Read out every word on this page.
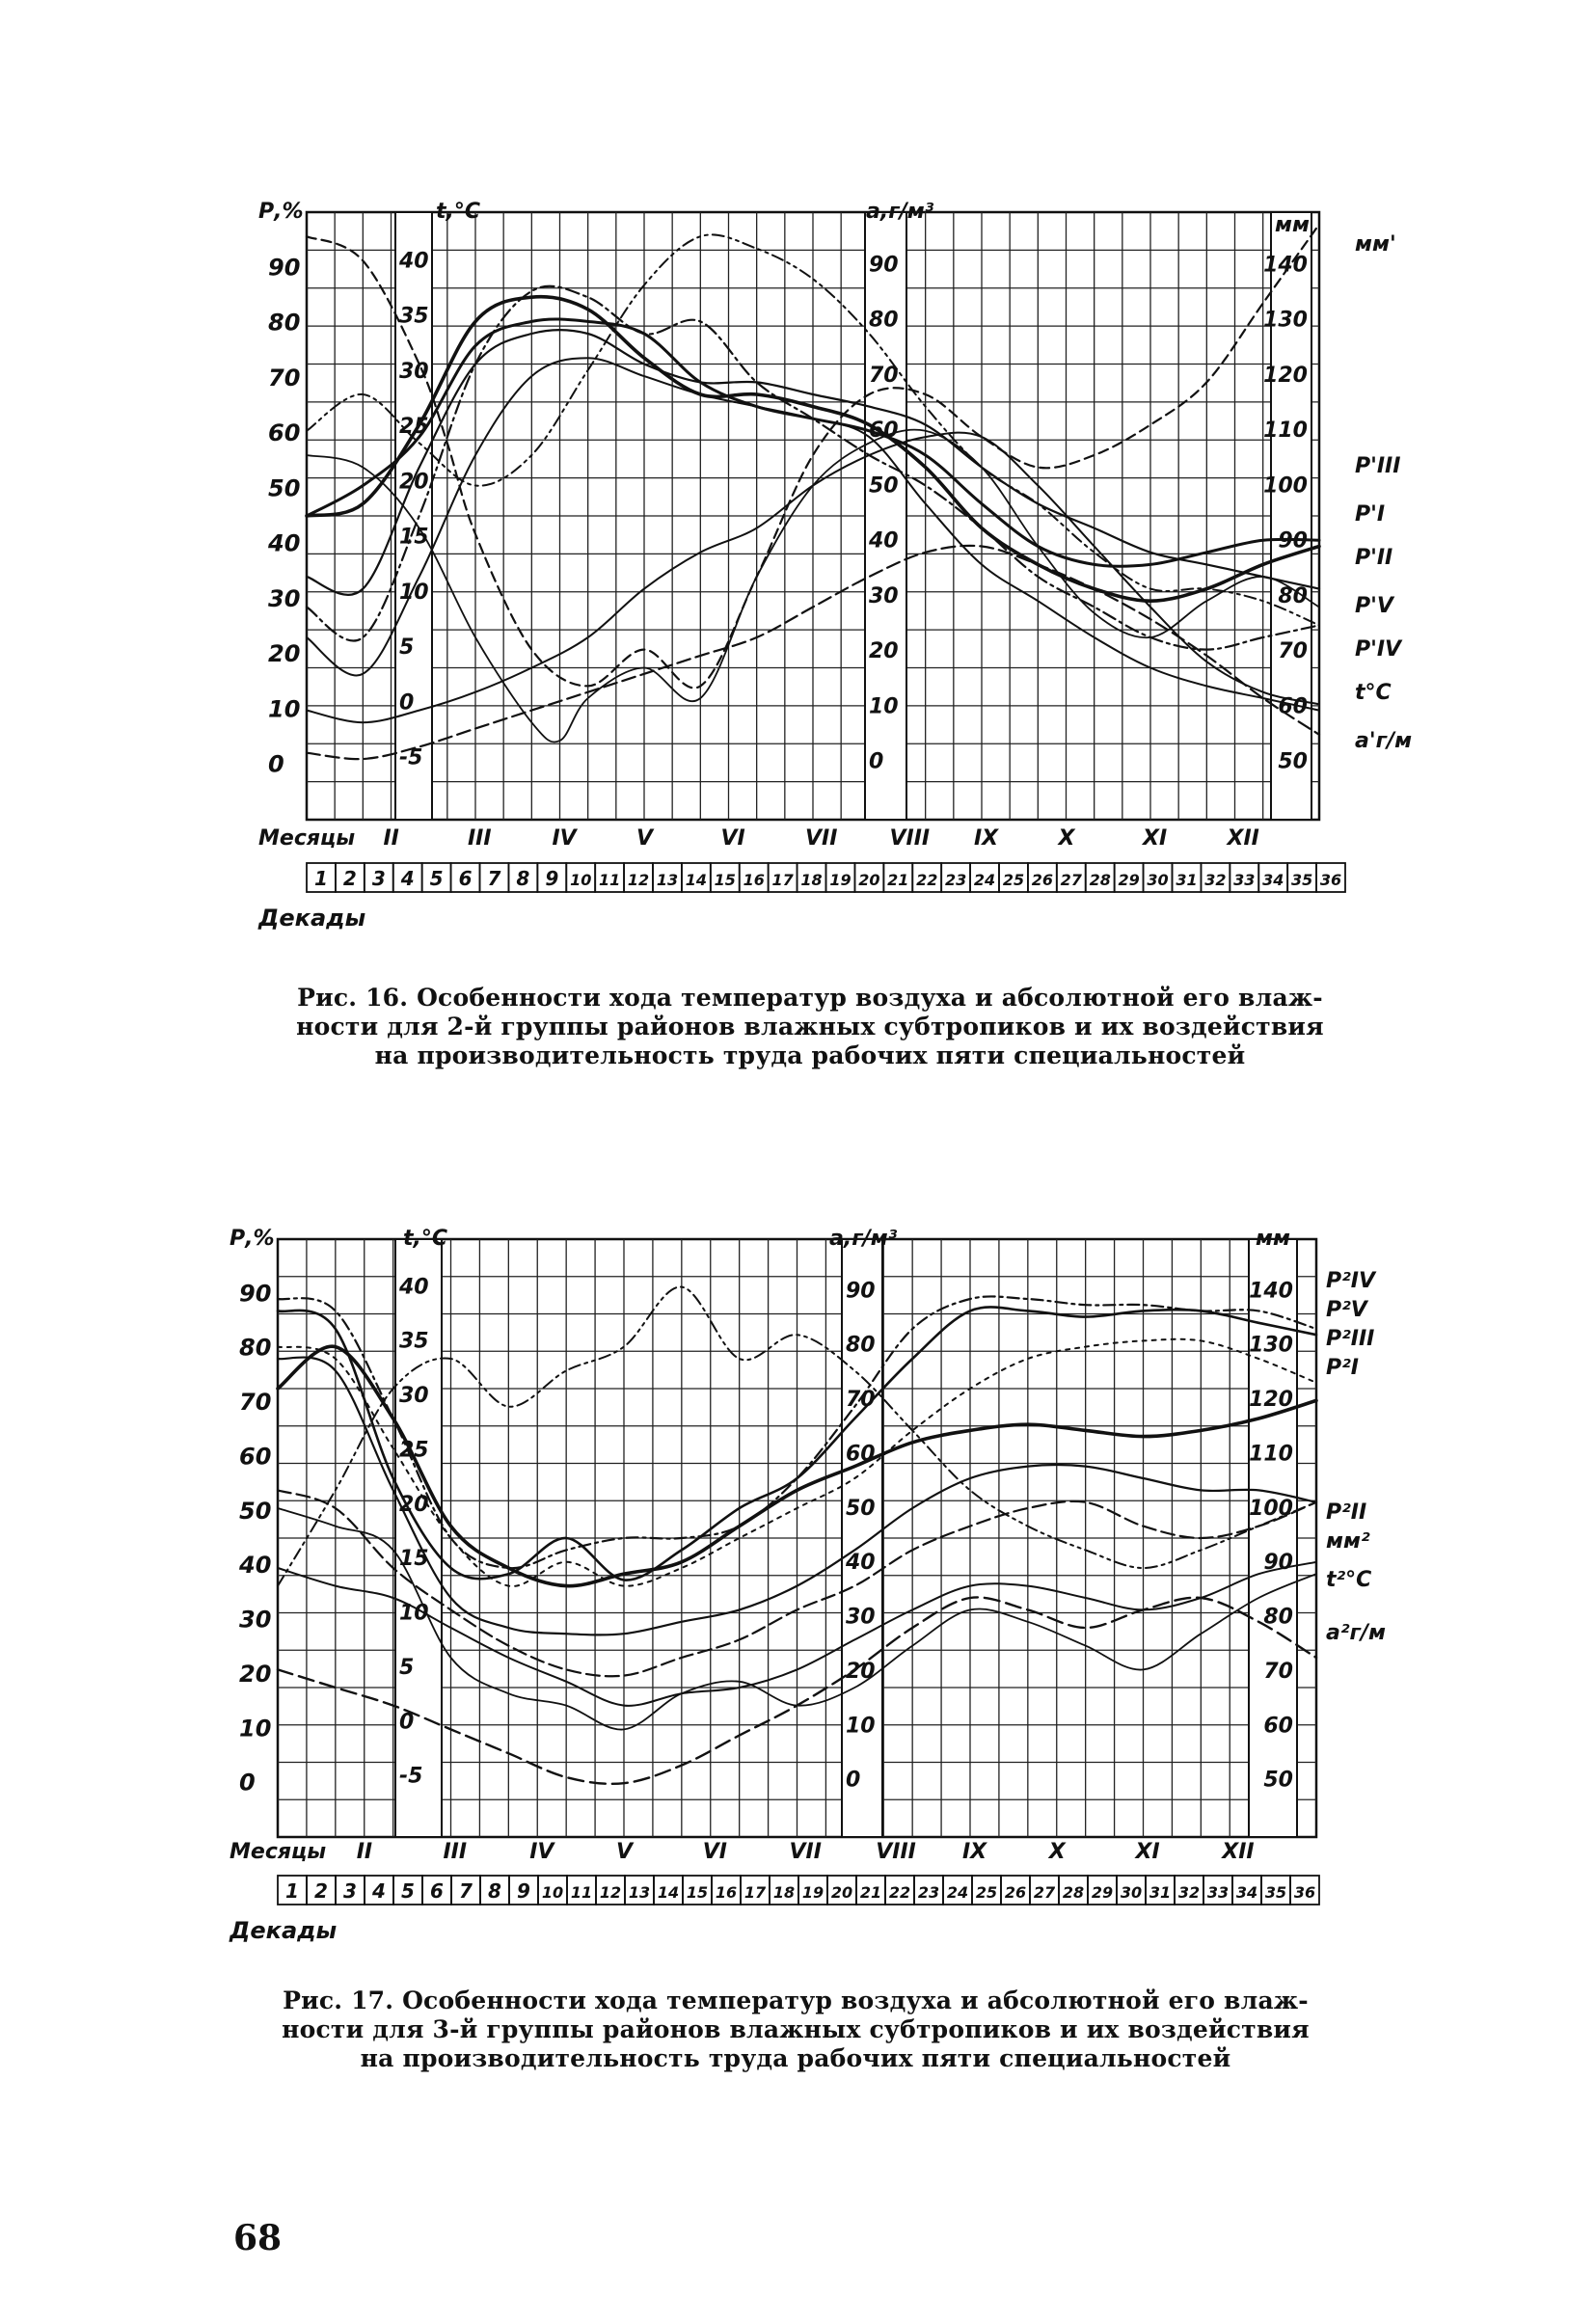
90
80
70
60
50
40
30
20
10
0
40
35
30
25
20
15
10
5
0
-5
90
80
70
60
50
40
30
20
10
0
140
130
120
110
100
90
80
70
60
50
Р,%	t,°C	a,г/м³
мм
Месяцы II	III	IV	V	VI	VII VIII IX	X	XI	XII
1 2 3 4 5 6 7 8 9 10 11 12 13 14 15 16 17 18 19 20 21 22 23 24 25 26 27 28 29 30 31 32 33 34 35 36
Декады
мм'
P'III
P'I
P'II
P'V
P'IV
t°C
a'г/м
Рис. 16. Особенности хода температур воздуха и абсолютной его влаж-
ности для 2-й группы районов влажных субтропиков и их воздействия
на производительность труда рабочих пяти специальностей
90
80
70
60
50
40
30
20
10
0
40
35
30
25
20
15
10
5
0
-5
90
80
70
60
50
40
30
20
10
0
140
130
120
110
100
90
80
70
60
50
Р,%	t,°C	a,г/м³	мм
Месяцы II	III	IV	V	VI	VII	VIII IX	X	XI	XII
1 2 3 4 5 6 7 8 9 10 11 12 13 14 15 16 17 18 19 20 21 22 23 24 25 26 27 28 29 30 31 32 33 34 35 36
Декады
P²IV
P²V
P²III
P²I
P²II
мм²
t²°C
a²г/м
Рис. 17. Особенности хода температур воздуха и абсолютной его влаж-
ности для 3-й группы районов влажных субтропиков и их воздействия
на производительность труда рабочих пяти специальностей
68
